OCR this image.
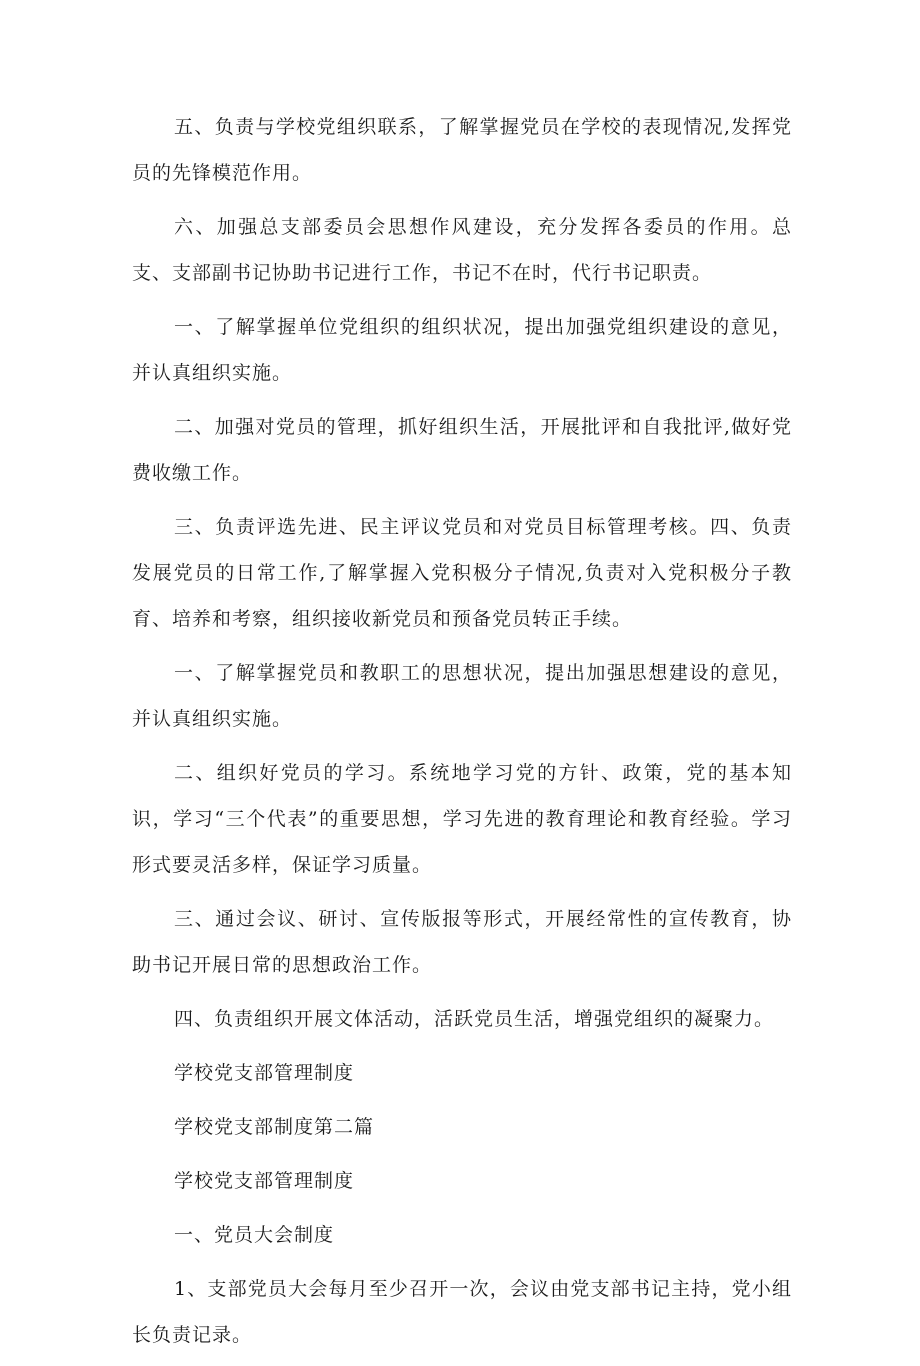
五、负责与学校党组织联系，了解掌握党员在学校的表现情况,发挥党员的先锋模范作用。

六、加强总支部委员会思想作风建设，充分发挥各委员的作用。总支、支部副书记协助书记进行工作，书记不在时，代行书记职责。

一、了解掌握单位党组织的组织状况，提出加强党组织建设的意见，并认真组织实施。

二、加强对党员的管理，抓好组织生活，开展批评和自我批评,做好党费收缴工作。

三、负责评选先进、民主评议党员和对党员目标管理考核。四、负责发展党员的日常工作,了解掌握入党积极分子情况,负责对入党积极分子教育、培养和考察，组织接收新党员和预备党员转正手续。

一、了解掌握党员和教职工的思想状况，提出加强思想建设的意见，并认真组织实施。

二、组织好党员的学习。系统地学习党的方针、政策，党的基本知识，学习“三个代表”的重要思想，学习先进的教育理论和教育经验。学习形式要灵活多样，保证学习质量。

三、通过会议、研讨、宣传版报等形式，开展经常性的宣传教育，协助书记开展日常的思想政治工作。

四、负责组织开展文体活动，活跃党员生活，增强党组织的凝聚力。

学校党支部管理制度

学校党支部制度第二篇

学校党支部管理制度

一、党员大会制度

1、支部党员大会每月至少召开一次，会议由党支部书记主持，党小组长负责记录。
